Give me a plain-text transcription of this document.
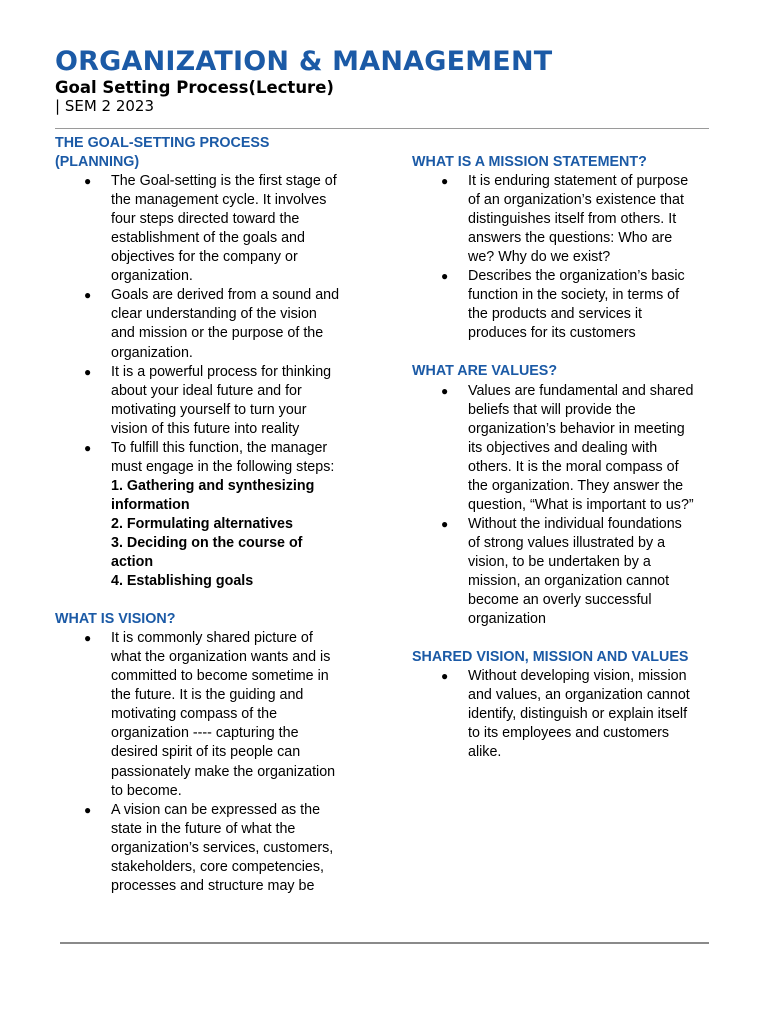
ORGANIZATION & MANAGEMENT
Goal Setting Process(Lecture)
| SEM 2 2023
THE GOAL-SETTING PROCESS
(PLANNING)
● The Goal-setting is the first stage of
the management cycle. It involves
four steps directed toward the
establishment of the goals and
objectives for the company or
organization.
● Goals are derived from a sound and
clear understanding of the vision
and mission or the purpose of the
organization.
● It is a powerful process for thinking
about your ideal future and for
motivating yourself to turn your
vision of this future into reality
● To fulfill this function, the manager
must engage in the following steps:
1. Gathering and synthesizing
information
2. Formulating alternatives
3. Deciding on the course of
action
4. Establishing goals
WHAT IS VISION?
● It is commonly shared picture of
what the organization wants and is
committed to become sometime in
the future. It is the guiding and
motivating compass of the
organization ---- capturing the
desired spirit of its people can
passionately make the organization
to become.
● A vision can be expressed as the
state in the future of what the
organization’s services, customers,
stakeholders, core competencies,
processes and structure may be
WHAT IS A MISSION STATEMENT?
● It is enduring statement of purpose
of an organization’s existence that
distinguishes itself from others. It
answers the questions: Who are
we? Why do we exist?
● Describes the organization’s basic
function in the society, in terms of
the products and services it
produces for its customers
WHAT ARE VALUES?
● Values are fundamental and shared
beliefs that will provide the
organization’s behavior in meeting
its objectives and dealing with
others. It is the moral compass of
the organization. They answer the
question, “What is important to us?”
● Without the individual foundations
of strong values illustrated by a
vision, to be undertaken by a
mission, an organization cannot
become an overly successful
organization
SHARED VISION, MISSION AND VALUES
● Without developing vision, mission
and values, an organization cannot
identify, distinguish or explain itself
to its employees and customers
alike.
